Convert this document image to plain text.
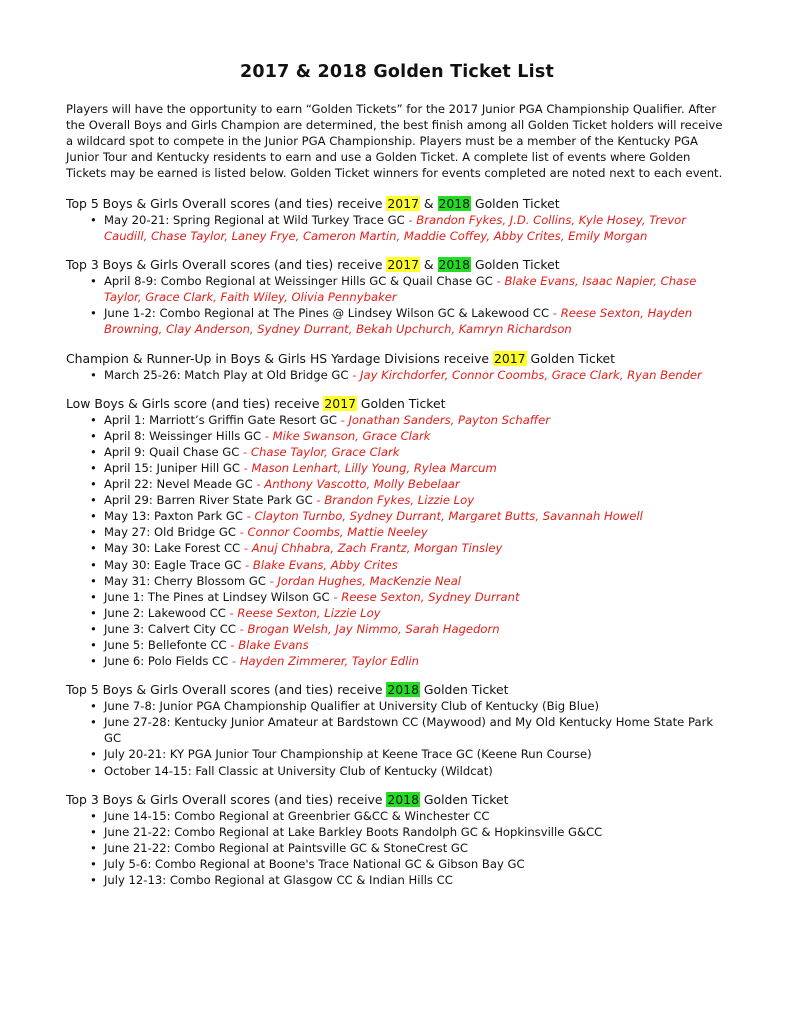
2017 & 2018 Golden Ticket List

Players will have the opportunity to earn “Golden Tickets” for the 2017 Junior PGA Championship Qualifier. After the Overall Boys and Girls Champion are determined, the best finish among all Golden Ticket holders will receive a wildcard spot to compete in the Junior PGA Championship. Players must be a member of the Kentucky PGA Junior Tour and Kentucky residents to earn and use a Golden Ticket. A complete list of events where Golden Tickets may be earned is listed below. Golden Ticket winners for events completed are noted next to each event.

Top 5 Boys & Girls Overall scores (and ties) receive 2017 & 2018 Golden Ticket
• May 20-21: Spring Regional at Wild Turkey Trace GC - Brandon Fykes, J.D. Collins, Kyle Hosey, Trevor Caudill, Chase Taylor, Laney Frye, Cameron Martin, Maddie Coffey, Abby Crites, Emily Morgan
Top 3 Boys & Girls Overall scores (and ties) receive 2017 & 2018 Golden Ticket
• April 8-9: Combo Regional at Weissinger Hills GC & Quail Chase GC - Blake Evans, Isaac Napier, Chase Taylor, Grace Clark, Faith Wiley, Olivia Pennybaker
• June 1-2: Combo Regional at The Pines @ Lindsey Wilson GC & Lakewood CC - Reese Sexton, Hayden Browning, Clay Anderson, Sydney Durrant, Bekah Upchurch, Kamryn Richardson
Champion & Runner-Up in Boys & Girls HS Yardage Divisions receive 2017 Golden Ticket
• March 25-26: Match Play at Old Bridge GC - Jay Kirchdorfer, Connor Coombs, Grace Clark, Ryan Bender
Low Boys & Girls score (and ties) receive 2017 Golden Ticket
• April 1: Marriott’s Griffin Gate Resort GC - Jonathan Sanders, Payton Schaffer
• April 8: Weissinger Hills GC - Mike Swanson, Grace Clark
• April 9: Quail Chase GC - Chase Taylor, Grace Clark
• April 15: Juniper Hill GC - Mason Lenhart, Lilly Young, Rylea Marcum
• April 22: Nevel Meade GC - Anthony Vascotto, Molly Bebelaar
• April 29: Barren River State Park GC - Brandon Fykes, Lizzie Loy
• May 13: Paxton Park GC - Clayton Turnbo, Sydney Durrant, Margaret Butts, Savannah Howell
• May 27: Old Bridge GC - Connor Coombs, Mattie Neeley
• May 30: Lake Forest CC - Anuj Chhabra, Zach Frantz, Morgan Tinsley
• May 30: Eagle Trace GC - Blake Evans, Abby Crites
• May 31: Cherry Blossom GC - Jordan Hughes, MacKenzie Neal
• June 1: The Pines at Lindsey Wilson GC - Reese Sexton, Sydney Durrant
• June 2: Lakewood CC - Reese Sexton, Lizzie Loy
• June 3: Calvert City CC - Brogan Welsh, Jay Nimmo, Sarah Hagedorn
• June 5: Bellefonte CC - Blake Evans
• June 6: Polo Fields CC - Hayden Zimmerer, Taylor Edlin
Top 5 Boys & Girls Overall scores (and ties) receive 2018 Golden Ticket
• June 7-8: Junior PGA Championship Qualifier at University Club of Kentucky (Big Blue)
• June 27-28: Kentucky Junior Amateur at Bardstown CC (Maywood) and My Old Kentucky Home State Park GC
• July 20-21: KY PGA Junior Tour Championship at Keene Trace GC (Keene Run Course)
• October 14-15: Fall Classic at University Club of Kentucky (Wildcat)
Top 3 Boys & Girls Overall scores (and ties) receive 2018 Golden Ticket
• June 14-15: Combo Regional at Greenbrier G&CC & Winchester CC
• June 21-22: Combo Regional at Lake Barkley Boots Randolph GC & Hopkinsville G&CC
• June 21-22: Combo Regional at Paintsville GC & StoneCrest GC
• July 5-6: Combo Regional at Boone's Trace National GC & Gibson Bay GC
• July 12-13: Combo Regional at Glasgow CC & Indian Hills CC
